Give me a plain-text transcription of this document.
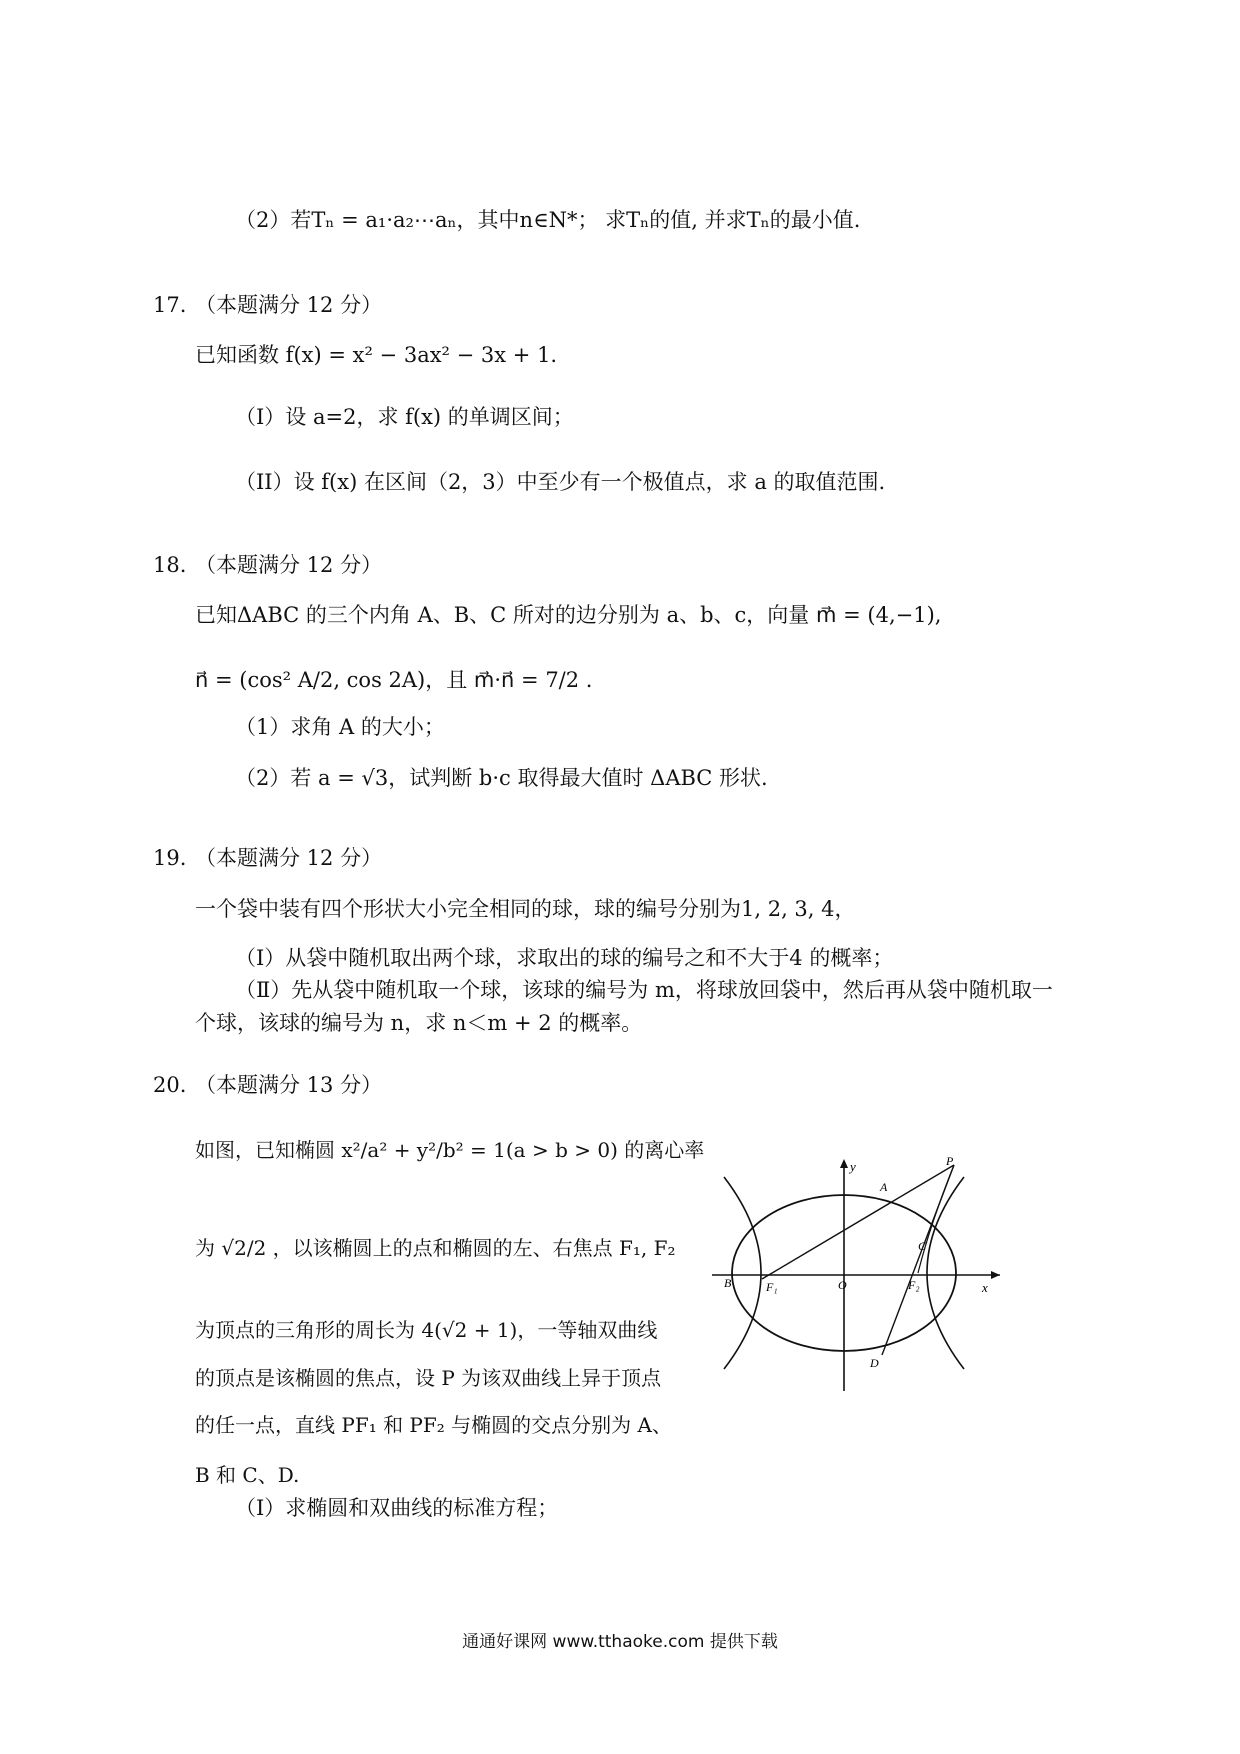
（2）若Tₙ = a₁·a₂⋯aₙ，其中n∈N*； 求Tₙ的值, 并求Tₙ的最小值.
17. （本题满分 12 分）
已知函数 f(x) = x² − 3ax² − 3x + 1.
（I）设 a=2，求 f(x) 的单调区间；
（II）设 f(x) 在区间（2，3）中至少有一个极值点，求 a 的取值范围.
18. （本题满分 12 分）
已知ΔABC 的三个内角 A、B、C 所对的边分别为 a、b、c，向量 m⃗ = (4,−1),
n⃗ = (cos² A/2, cos 2A)，且 m⃗·n⃗ = 7/2 .
（1）求角 A 的大小；
（2）若 a = √3，试判断 b·c 取得最大值时 ΔABC 形状.
19. （本题满分 12 分）
一个袋中装有四个形状大小完全相同的球，球的编号分别为1, 2, 3, 4，
（Ⅰ）从袋中随机取出两个球，求取出的球的编号之和不大于4 的概率；
（Ⅱ）先从袋中随机取一个球，该球的编号为 m，将球放回袋中，然后再从袋中随机取一
个球，该球的编号为 n，求 n＜m + 2 的概率。
20. （本题满分 13 分）
如图，已知椭圆 x²/a² + y²/b² = 1(a > b > 0) 的离心率
为 √2/2 ，以该椭圆上的点和椭圆的左、右焦点 F₁, F₂
为顶点的三角形的周长为 4(√2 + 1)，一等轴双曲线
的顶点是该椭圆的焦点，设 P 为该双曲线上异于顶点
的任一点，直线 PF₁ 和 PF₂ 与椭圆的交点分别为 A、
B 和 C、D.
（Ⅰ）求椭圆和双曲线的标准方程；
y
x
P
A
B
C
D
O
F₁	F₂
通通好课网 www.tthaoke.com 提供下载
